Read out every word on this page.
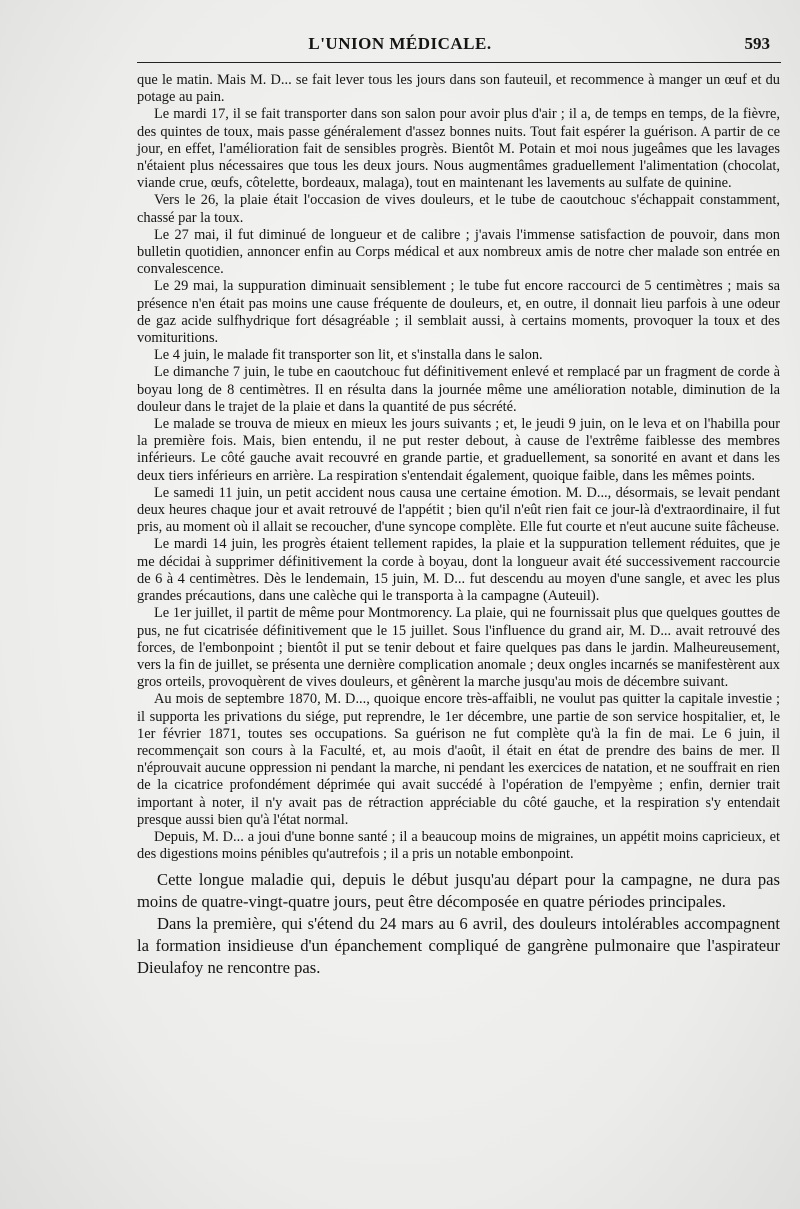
L'UNION MÉDICALE.	593

que le matin. Mais M. D... se fait lever tous les jours dans son fauteuil, et recommence à manger un œuf et du potage au pain.

Le mardi 17, il se fait transporter dans son salon pour avoir plus d'air ; il a, de temps en temps, de la fièvre, des quintes de toux, mais passe généralement d'assez bonnes nuits. Tout fait espérer la guérison. A partir de ce jour, en effet, l'amélioration fait de sensibles progrès. Bientôt M. Potain et moi nous jugeâmes que les lavages n'étaient plus nécessaires que tous les deux jours. Nous augmentâmes graduellement l'alimentation (chocolat, viande crue, œufs, côtelette, bordeaux, malaga), tout en maintenant les lavements au sulfate de quinine.

Vers le 26, la plaie était l'occasion de vives douleurs, et le tube de caoutchouc s'échappait constamment, chassé par la toux.

Le 27 mai, il fut diminué de longueur et de calibre ; j'avais l'immense satisfaction de pouvoir, dans mon bulletin quotidien, annoncer enfin au Corps médical et aux nombreux amis de notre cher malade son entrée en convalescence.

Le 29 mai, la suppuration diminuait sensiblement ; le tube fut encore raccourci de 5 centimètres ; mais sa présence n'en était pas moins une cause fréquente de douleurs, et, en outre, il donnait lieu parfois à une odeur de gaz acide sulfhydrique fort désagréable ; il semblait aussi, à certains moments, provoquer la toux et des vomituritions.

Le 4 juin, le malade fit transporter son lit, et s'installa dans le salon.

Le dimanche 7 juin, le tube en caoutchouc fut définitivement enlevé et remplacé par un fragment de corde à boyau long de 8 centimètres. Il en résulta dans la journée même une amélioration notable, diminution de la douleur dans le trajet de la plaie et dans la quantité de pus sécrété.

Le malade se trouva de mieux en mieux les jours suivants ; et, le jeudi 9 juin, on le leva et on l'habilla pour la première fois. Mais, bien entendu, il ne put rester debout, à cause de l'extrême faiblesse des membres inférieurs. Le côté gauche avait recouvré en grande partie, et graduellement, sa sonorité en avant et dans les deux tiers inférieurs en arrière. La respiration s'entendait également, quoique faible, dans les mêmes points.

Le samedi 11 juin, un petit accident nous causa une certaine émotion. M. D..., désormais, se levait pendant deux heures chaque jour et avait retrouvé de l'appétit ; bien qu'il n'eût rien fait ce jour-là d'extraordinaire, il fut pris, au moment où il allait se recoucher, d'une syncope complète. Elle fut courte et n'eut aucune suite fâcheuse.

Le mardi 14 juin, les progrès étaient tellement rapides, la plaie et la suppuration tellement réduites, que je me décidai à supprimer définitivement la corde à boyau, dont la longueur avait été successivement raccourcie de 6 à 4 centimètres. Dès le lendemain, 15 juin, M. D... fut descendu au moyen d'une sangle, et avec les plus grandes précautions, dans une calèche qui le transporta à la campagne (Auteuil).

Le 1er juillet, il partit de même pour Montmorency. La plaie, qui ne fournissait plus que quelques gouttes de pus, ne fut cicatrisée définitivement que le 15 juillet. Sous l'influence du grand air, M. D... avait retrouvé des forces, de l'embonpoint ; bientôt il put se tenir debout et faire quelques pas dans le jardin. Malheureusement, vers la fin de juillet, se présenta une dernière complication anomale ; deux ongles incarnés se manifestèrent aux gros orteils, provoquèrent de vives douleurs, et gênèrent la marche jusqu'au mois de décembre suivant.

Au mois de septembre 1870, M. D..., quoique encore très-affaibli, ne voulut pas quitter la capitale investie ; il supporta les privations du siége, put reprendre, le 1er décembre, une partie de son service hospitalier, et, le 1er février 1871, toutes ses occupations. Sa guérison ne fut complète qu'à la fin de mai. Le 6 juin, il recommençait son cours à la Faculté, et, au mois d'août, il était en état de prendre des bains de mer. Il n'éprouvait aucune oppression ni pendant la marche, ni pendant les exercices de natation, et ne souffrait en rien de la cicatrice profondément déprimée qui avait succédé à l'opération de l'empyème ; enfin, dernier trait important à noter, il n'y avait pas de rétraction appréciable du côté gauche, et la respiration s'y entendait presque aussi bien qu'à l'état normal.

Depuis, M. D... a joui d'une bonne santé ; il a beaucoup moins de migraines, un appétit moins capricieux, et des digestions moins pénibles qu'autrefois ; il a pris un notable embonpoint.

Cette longue maladie qui, depuis le début jusqu'au départ pour la campagne, ne dura pas moins de quatre-vingt-quatre jours, peut être décomposée en quatre périodes principales.

Dans la première, qui s'étend du 24 mars au 6 avril, des douleurs intolérables accompagnent la formation insidieuse d'un épanchement compliqué de gangrène pulmonaire que l'aspirateur Dieulafoy ne rencontre pas.
